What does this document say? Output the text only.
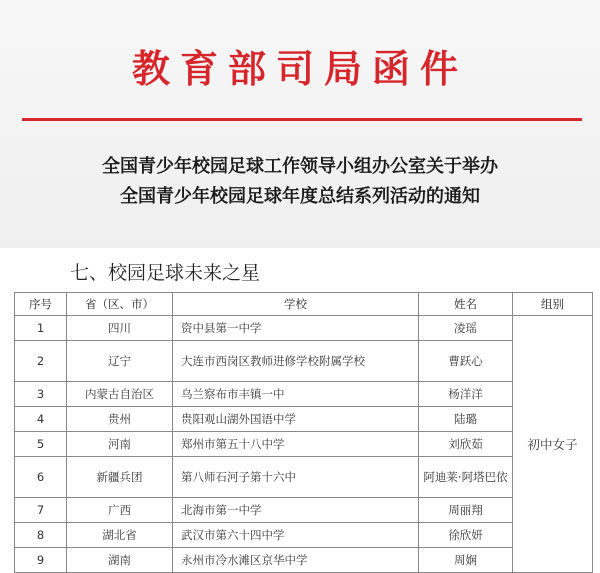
教育部司局函件
全国青少年校园足球工作领导小组办公室关于举办
全国青少年校园足球年度总结系列活动的通知
七、校园足球未来之星
序号	省（区、市）	学校	姓名	组别
1	四川	资中县第一中学	凌瑶	初中女子
2	辽宁	大连市西岗区教师进修学校附属学校	曹跃心	
3	内蒙古自治区	乌兰察布市丰镇一中	杨洋洋	
4	贵州	贵阳观山湖外国语中学	陆璐	
5	河南	郑州市第五十八中学	刘欣茹	
6	新疆兵团	第八师石河子第十六中	阿迪莱·阿塔巴依	
7	广西	北海市第一中学	周丽翔	
8	湖北省	武汉市第六十四中学	徐欣妍	
9	湖南	永州市冷水滩区京华中学	周娴	
